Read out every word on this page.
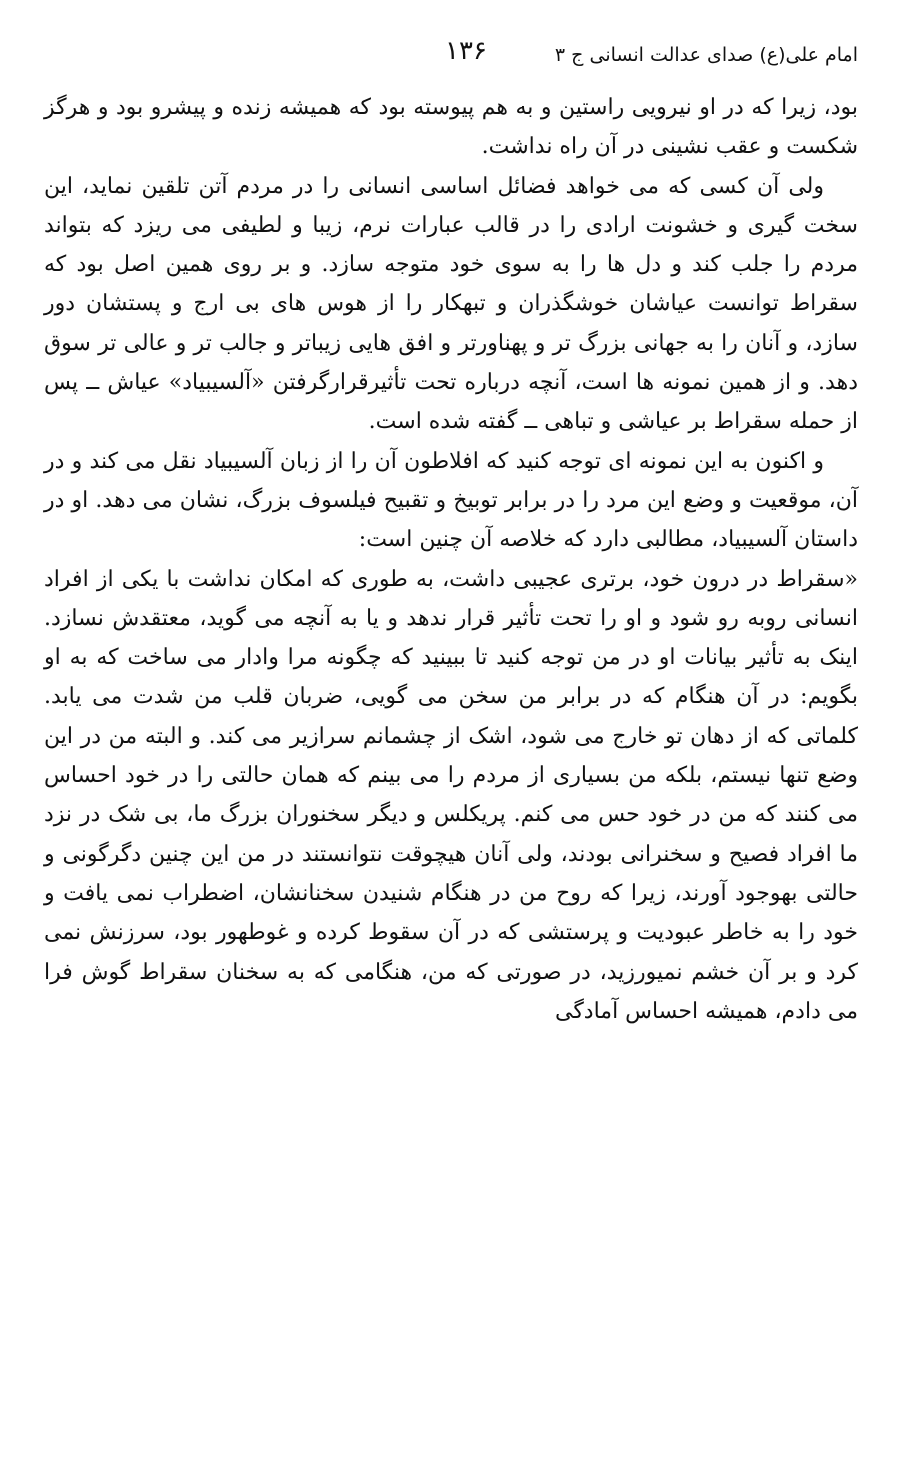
امام علی(ع) صدای عدالت انسانی ج ۳
۱۳۶

بود، زیرا که در او نیرویی راستین و به هم پیوسته بود که همیشه زنده و پیشرو بود و هرگز شکست و عقب نشینی در آن راه نداشت.

ولی آن کسی که می خواهد فضائل اساسی انسانی را در مردم آتن تلقین نماید، این سخت گیری و خشونت ارادی را در قالب عبارات نرم، زیبا و لطیفی می ریزد که بتواند مردم را جلب کند و دل ها را به سوی خود متوجه سازد. و بر روی همین اصل بود که سقراط توانست عیاشان خوشگذران و تبهکار را از هوس های بی ارج و پستشان دور سازد، و آنان را به جهانی بزرگ تر و پهناورتر و افق هایی زیباتر و جالب تر و عالی تر سوق دهد. و از همین نمونه ها است، آنچه درباره تحت تأثیرقرارگرفتن «آلسیبیاد» عیاش ــ پس از حمله سقراط بر عیاشی و تباهی ــ گفته شده است.

و اکنون به این نمونه ای توجه کنید که افلاطون آن را از زبان آلسیبیاد نقل می کند و در آن، موقعیت و وضع این مرد را در برابر توبیخ و تقبیح فیلسوف بزرگ، نشان می دهد. او در داستان آلسیبیاد، مطالبی دارد که خلاصه آن چنین است:

«سقراط در درون خود، برتری عجیبی داشت، به طوری که امکان نداشت با یکی از افراد انسانی روبه رو شود و او را تحت تأثیر قرار ندهد و یا به آنچه می گوید، معتقدش نسازد. اینک به تأثیر بیانات او در من توجه کنید تا ببینید که چگونه مرا وادار می ساخت که به او بگویم: در آن هنگام که در برابر من سخن می گویی، ضربان قلب من شدت می یابد. کلماتی که از دهان تو خارج می شود، اشک از چشمانم سرازیر می کند. و البته من در این وضع تنها نیستم، بلکه من بسیاری از مردم را می بینم که همان حالتی را در خود احساس می کنند که من در خود حس می کنم. پریکلس و دیگر سخنوران بزرگ ما، بی شک در نزد ما افراد فصیح و سخنرانی بودند، ولی آنان هیچوقت نتوانستند در من این چنین دگرگونی و حالتی بهوجود آورند، زیرا که روح من در هنگام شنیدن سخنانشان، اضطراب نمی یافت و خود را به خاطر عبودیت و پرستشی که در آن سقوط کرده و غوطهور بود، سرزنش نمی کرد و بر آن خشم نمیورزید، در صورتی که من، هنگامی که به سخنان سقراط گوش فرا می دادم، همیشه احساس آمادگی
